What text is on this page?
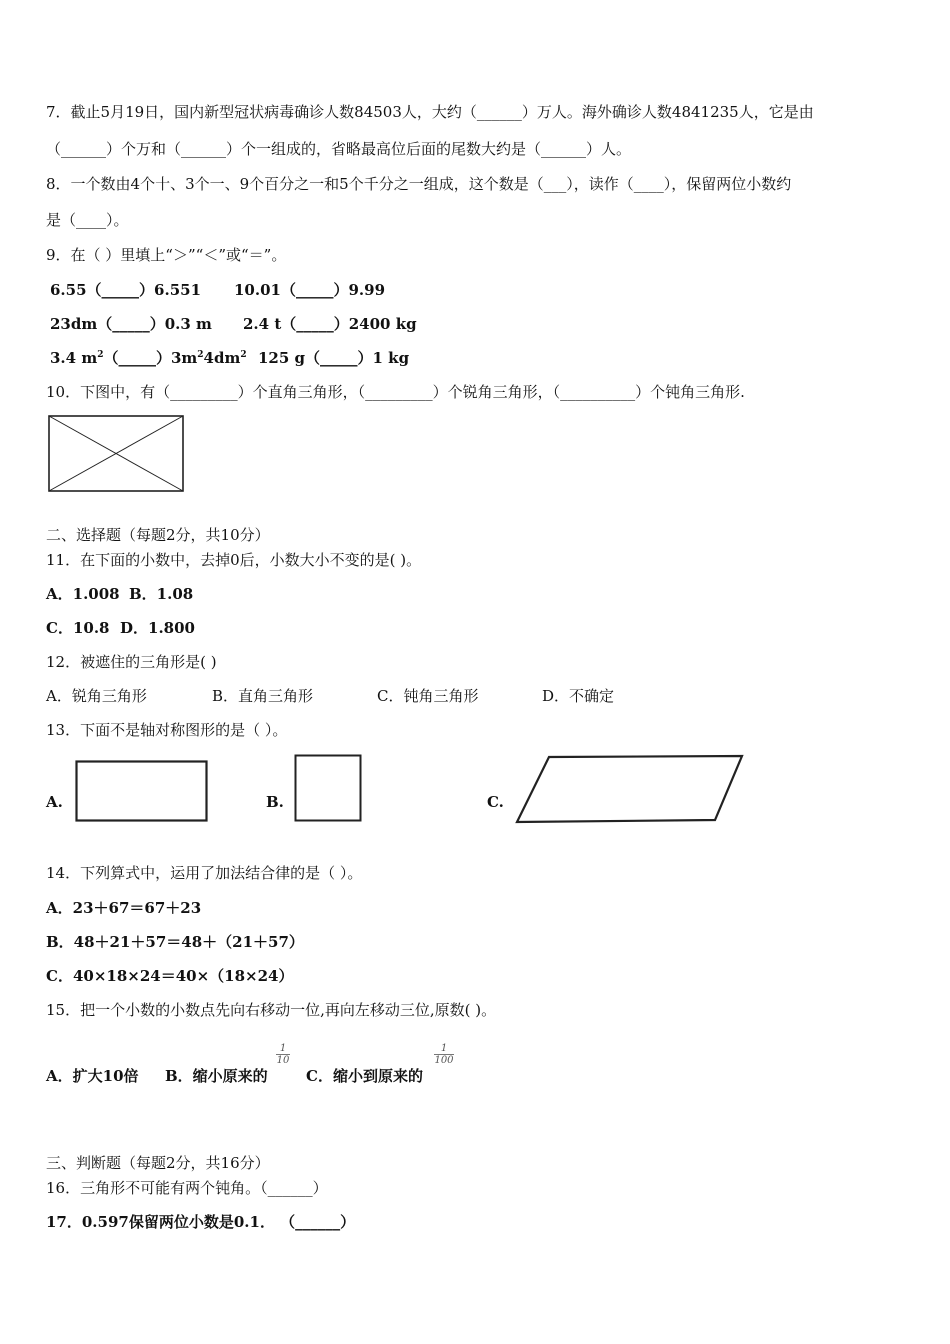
7．截止5月19日，国内新型冠状病毒确诊人数84503人，大约（______）万人。海外确诊人数4841235人，它是由
（______）个万和（______）个一组成的，省略最高位后面的尾数大约是（______）人。
8．一个数由4个十、3个一、9个百分之一和5个千分之一组成，这个数是（___），读作（____），保留两位小数约
是（____）。
9．在（ ）里填上“＞”“＜”或“＝”。
6.55（_____）6.551 10.01（_____）9.99
23dm（_____）0.3 m 2.4 t（_____）2400 kg
3.4 $m^2(\_\_\_\_\_)3m^24dm^2$ 125 g（_____）1 kg
10．下图中，有（_________）个直角三角形，（_________）个锐角三角形，（__________）个钝角三角形.
二、选择题（每题2分，共10分）
11．在下面的小数中，去掉0后，小数大小不变的是( )。
A．1.008 B．1.08
C．10.8 D．1.800
12．被遮住的三角形是( )
A．锐角三角形	B．直角三角形	C．钝角三角形	D．不确定
13．下面不是轴对称图形的是（ ）。
A.	B.	C.
14．下列算式中，运用了加法结合律的是（ ）。
A．23＋67＝67＋23
B．48＋21＋57＝48＋（21＋57）
C．40×18×24＝40×（18×24）
15．把一个小数的小数点先向右移动一位,再向左移动三位,原数( )。
A．扩大10倍 B．缩小原来的
1
10
C．缩小到原来的
1
100
三、判断题（每题2分，共16分）
16．三角形不可能有两个钝角。（______）
17．0.597保留两位小数是0.1． （______）
